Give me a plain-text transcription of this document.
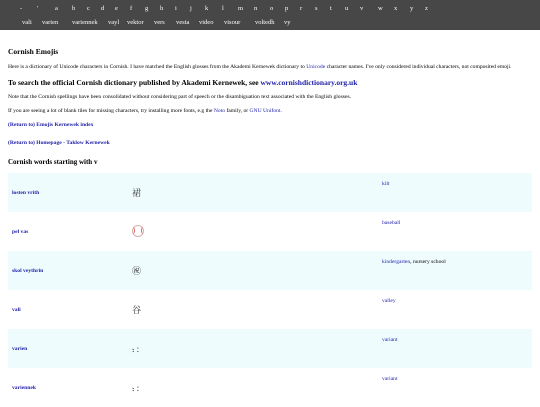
- '	a b c d e f g h i j k l m n o p r s t u v w x y z
vali varien variennek vayl vektor vers vesta video visour voltedh vy
Cornish Emojis

Here is a dictionary of Unicode characters in Cornish. I have matched the English glosses from the Akademi Kernewek dictionary to Unicode character names. I've only considered individual characters, not composited emoji.

To search the official Cornish dictionary published by Akademi Kernewek, see www.cornishdictionary.org.uk

Note that the Cornish spellings have been consolidated without considering part of speech or the disambiguation text associated with the English glosses.

If you are seeing a lot of blank tiles for missing characters, try installing more fonts, e.g the Noto family, or GNU Unifont.

(Return to) Emojis Kernewek index

(Return to) Homepage - Taklow Kernewek

Cornish words starting with v
losten vrith	裙	kilt
pel vas		baseball
skol veythrin	㊗	kindergarten, nursery school
vali	谷	valley
varien	⹎ :	variant
variennek	⹎ :	variant
